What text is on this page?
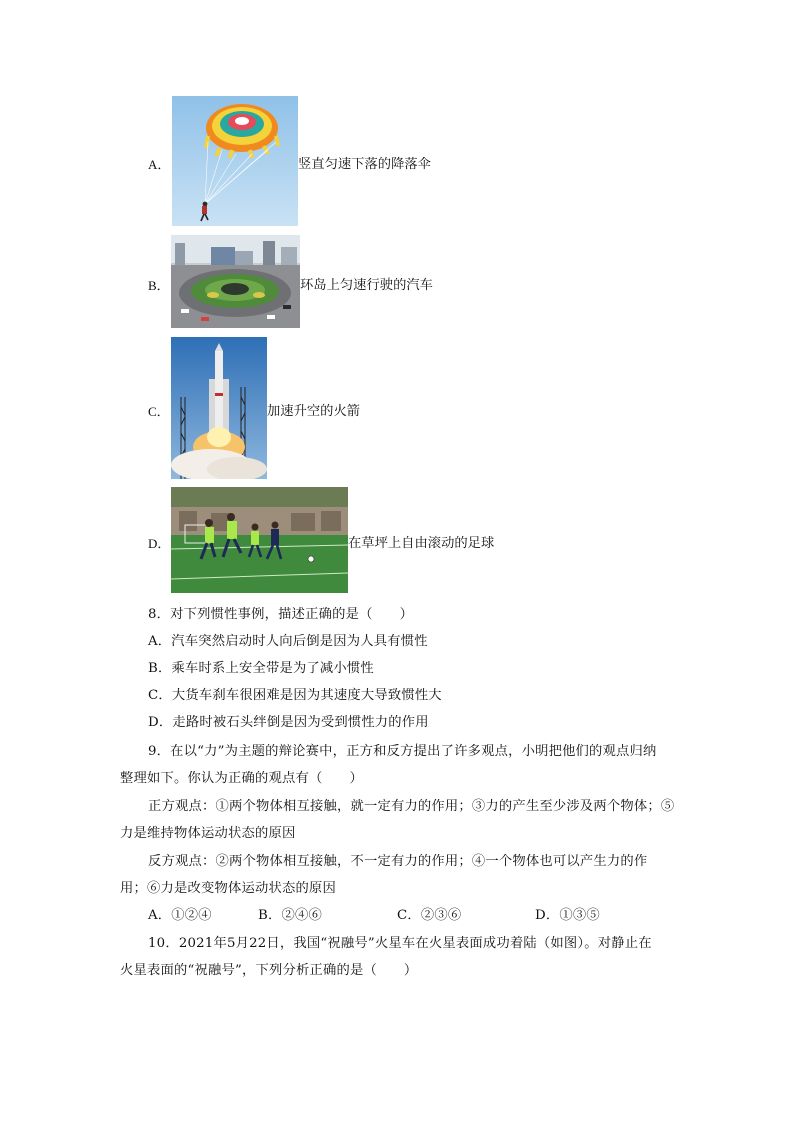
A．	竖直匀速下落的降落伞
B．	环岛上匀速行驶的汽车
C．	加速升空的火箭
D．	在草坪上自由滚动的足球
8．对下列惯性事例，描述正确的是（　　）
A．汽车突然启动时人向后倒是因为人具有惯性
B．乘车时系上安全带是为了减小惯性
C．大货车刹车很困难是因为其速度大导致惯性大
D．走路时被石头绊倒是因为受到惯性力的作用
9．在以“力”为主题的辩论赛中，正方和反方提出了许多观点，小明把他们的观点归纳
整理如下。你认为正确的观点有（　　）
正方观点：①两个物体相互接触，就一定有力的作用；③力的产生至少涉及两个物体；⑤
力是维持物体运动状态的原因
反方观点：②两个物体相互接触，不一定有力的作用；④一个物体也可以产生力的作
用；⑥力是改变物体运动状态的原因
A．①②④	B．②④⑥	C．②③⑥	D．①③⑤
10．2021年5月22日，我国“祝融号”火星车在火星表面成功着陆（如图）。对静止在
火星表面的“祝融号”，下列分析正确的是（　　）
